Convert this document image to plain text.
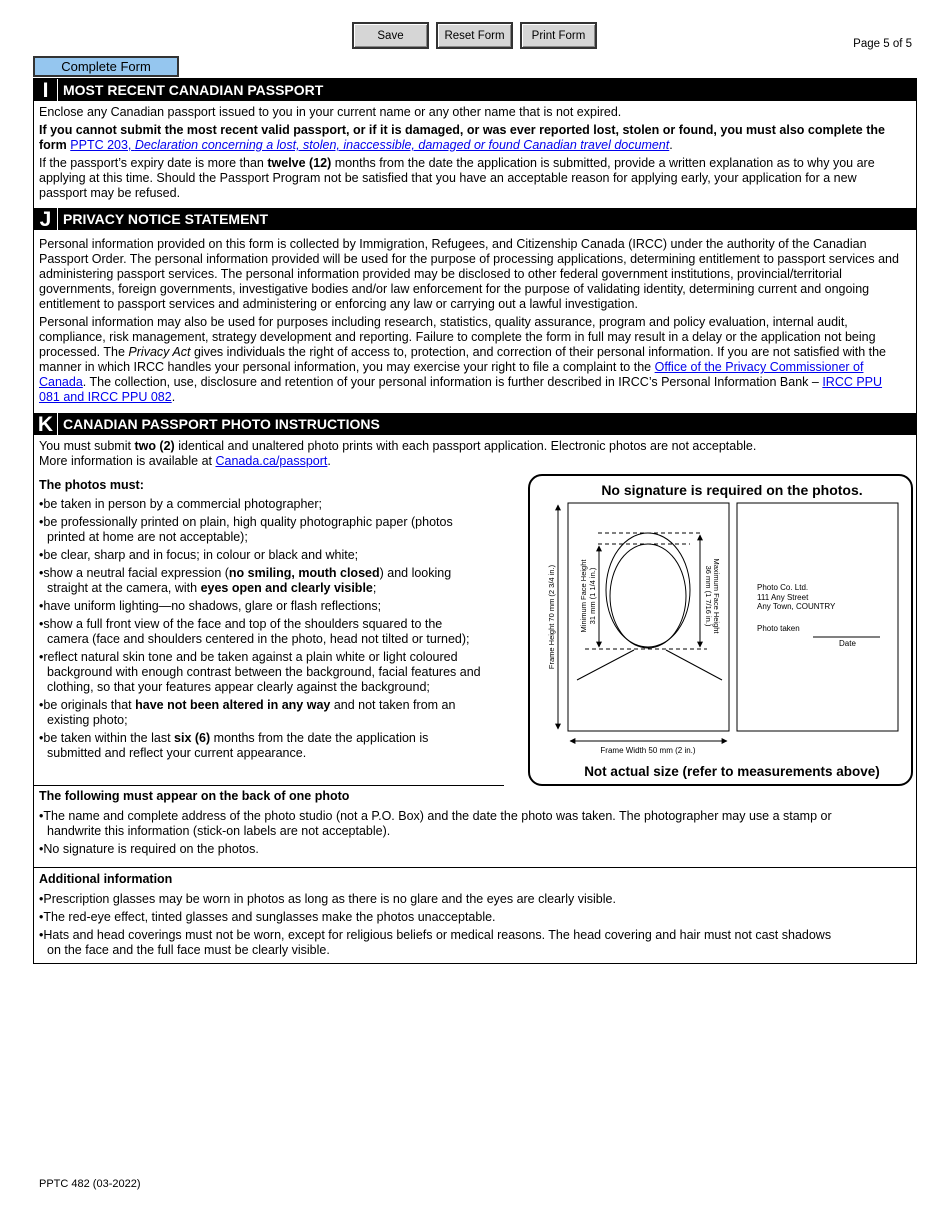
Save	Reset Form	Print Form
Page 5 of 5
Complete Form
I	MOST RECENT CANADIAN PASSPORT

Enclose any Canadian passport issued to you in your current name or any other name that is not expired.

If you cannot submit the most recent valid passport, or if it is damaged, or was ever reported lost, stolen or found, you must also complete the form PPTC 203, Declaration concerning a lost, stolen, inaccessible, damaged or found Canadian travel document.

If the passport’s expiry date is more than twelve (12) months from the date the application is submitted, provide a written explanation as to why you are applying at this time. Should the Passport Program not be satisfied that you have an acceptable reason for applying early, your application for a new passport may be refused.

J PRIVACY NOTICE STATEMENT

Personal information provided on this form is collected by Immigration, Refugees, and Citizenship Canada (IRCC) under the authority of the Canadian Passport Order. The personal information provided will be used for the purpose of processing applications, determining entitlement to passport services and administering passport services. The personal information provided may be disclosed to other federal government institutions, provincial/territorial governments, foreign governments, investigative bodies and/or law enforcement for the purpose of validating identity, determining current and ongoing entitlement to passport services and administering or enforcing any law or carrying out a lawful investigation.

Personal information may also be used for purposes including research, statistics, quality assurance, program and policy evaluation, internal audit, compliance, risk management, strategy development and reporting. Failure to complete the form in full may result in a delay or the application not being processed. The Privacy Act gives individuals the right of access to, protection, and correction of their personal information. If you are not satisfied with the manner in which IRCC handles your personal information, you may exercise your right to file a complaint to the Office of the Privacy Commissioner of Canada. The collection, use, disclosure and retention of your personal information is further described in IRCC’s Personal Information Bank – IRCC PPU 081 and IRCC PPU 082.

K CANADIAN PASSPORT PHOTO INSTRUCTIONS

You must submit two (2) identical and unaltered photo prints with each passport application. Electronic photos are not acceptable.
More information is available at Canada.ca/passport.

The photos must:

• be taken in person by a commercial photographer;
• be professionally printed on plain, high quality photographic paper (photos printed at home are not acceptable);
• be clear, sharp and in focus; in colour or black and white;
• show a neutral facial expression (no smiling, mouth closed) and looking straight at the camera, with eyes open and clearly visible;
• have uniform lighting—no shadows, glare or flash reflections;
• show a full front view of the face and top of the shoulders squared to the camera (face and shoulders centered in the photo, head not tilted or turned);
• reflect natural skin tone and be taken against a plain white or light coloured background with enough contrast between the background, facial features and clothing, so that your features appear clearly against the background;
• be originals that have not been altered in any way and not taken from an existing photo;
• be taken within the last six (6) months from the date the application is submitted and reflect your current appearance.
No signature is required on the photos.
Frame Height 70 mm (2 3/4 in.)
Frame Width 50 mm (2 in.)
Minimum Face Height 31 mm (1 1/4 in.)	Maximum Face Height
36 mm (1 7/16 in.)	Photo Co. Ltd.
111 Any Street
Any Town, COUNTRY
Photo taken
Date
Not actual size (refer to measurements above)

The following must appear on the back of one photo

• The name and complete address of the photo studio (not a P.O. Box) and the date the photo was taken. The photographer may use a stamp or handwrite this information (stick-on labels are not acceptable).
• No signature is required on the photos.

Additional information

• Prescription glasses may be worn in photos as long as there is no glare and the eyes are clearly visible.
• The red-eye effect, tinted glasses and sunglasses make the photos unacceptable.
• Hats and head coverings must not be worn, except for religious beliefs or medical reasons. The head covering and hair must not cast shadows on the face and the full face must be clearly visible.
PPTC 482 (03-2022)
